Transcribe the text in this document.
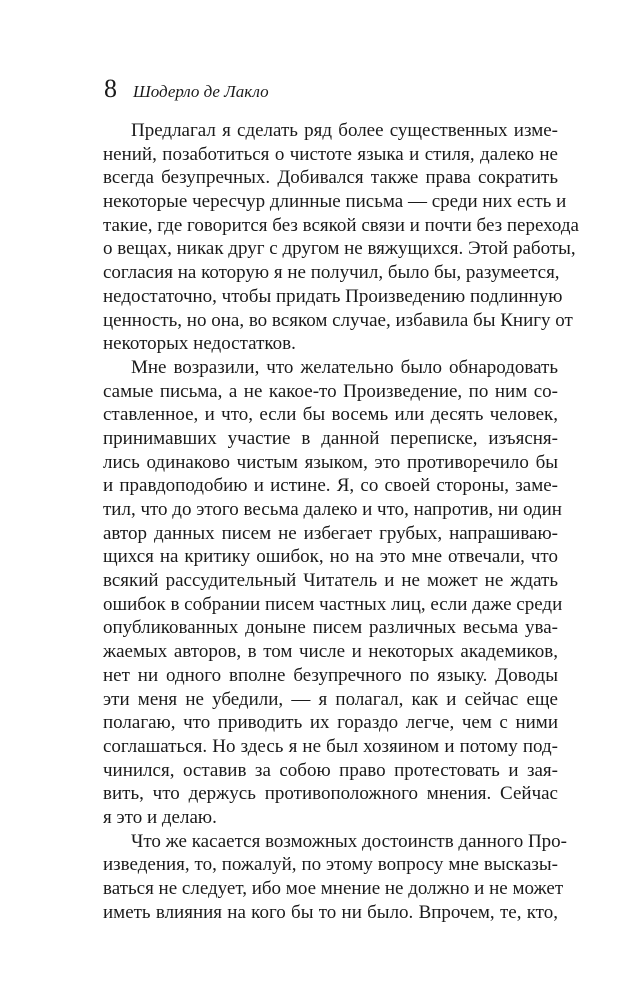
8 Шодерло де Лакло
Предлагал я сделать ряд более существенных изме-
нений, позаботиться о чистоте языка и стиля, далеко не
всегда безупречных. Добивался также права сократить
некоторые чересчур длинные письма — среди них есть и
такие, где говорится без всякой связи и почти без перехода
о вещах, никак друг с другом не вяжущихся. Этой работы,
согласия на которую я не получил, было бы, разумеется,
недостаточно, чтобы придать Произведению подлинную
ценность, но она, во всяком случае, избавила бы Книгу от
некоторых недостатков.
Мне возразили, что желательно было обнародовать
самые письма, а не какое-то Произведение, по ним со-
ставленное, и что, если бы восемь или десять человек,
принимавших участие в данной переписке, изъясня-
лись одинаково чистым языком, это противоречило бы
и правдоподобию и истине. Я, со своей стороны, заме-
тил, что до этого весьма далеко и что, напротив, ни один
автор данных писем не избегает грубых, напрашиваю-
щихся на критику ошибок, но на это мне отвечали, что
всякий рассудительный Читатель и не может не ждать
ошибок в собрании писем частных лиц, если даже среди
опубликованных доныне писем различных весьма ува-
жаемых авторов, в том числе и некоторых академиков,
нет ни одного вполне безупречного по языку. Доводы
эти меня не убедили, — я полагал, как и сейчас еще
полагаю, что приводить их гораздо легче, чем с ними
соглашаться. Но здесь я не был хозяином и потому под-
чинился, оставив за собою право протестовать и зая-
вить, что держусь противоположного мнения. Сейчас
я это и делаю.
Что же касается возможных достоинств данного Про-
изведения, то, пожалуй, по этому вопросу мне высказы-
ваться не следует, ибо мое мнение не должно и не может
иметь влияния на кого бы то ни было. Впрочем, те, кто,
